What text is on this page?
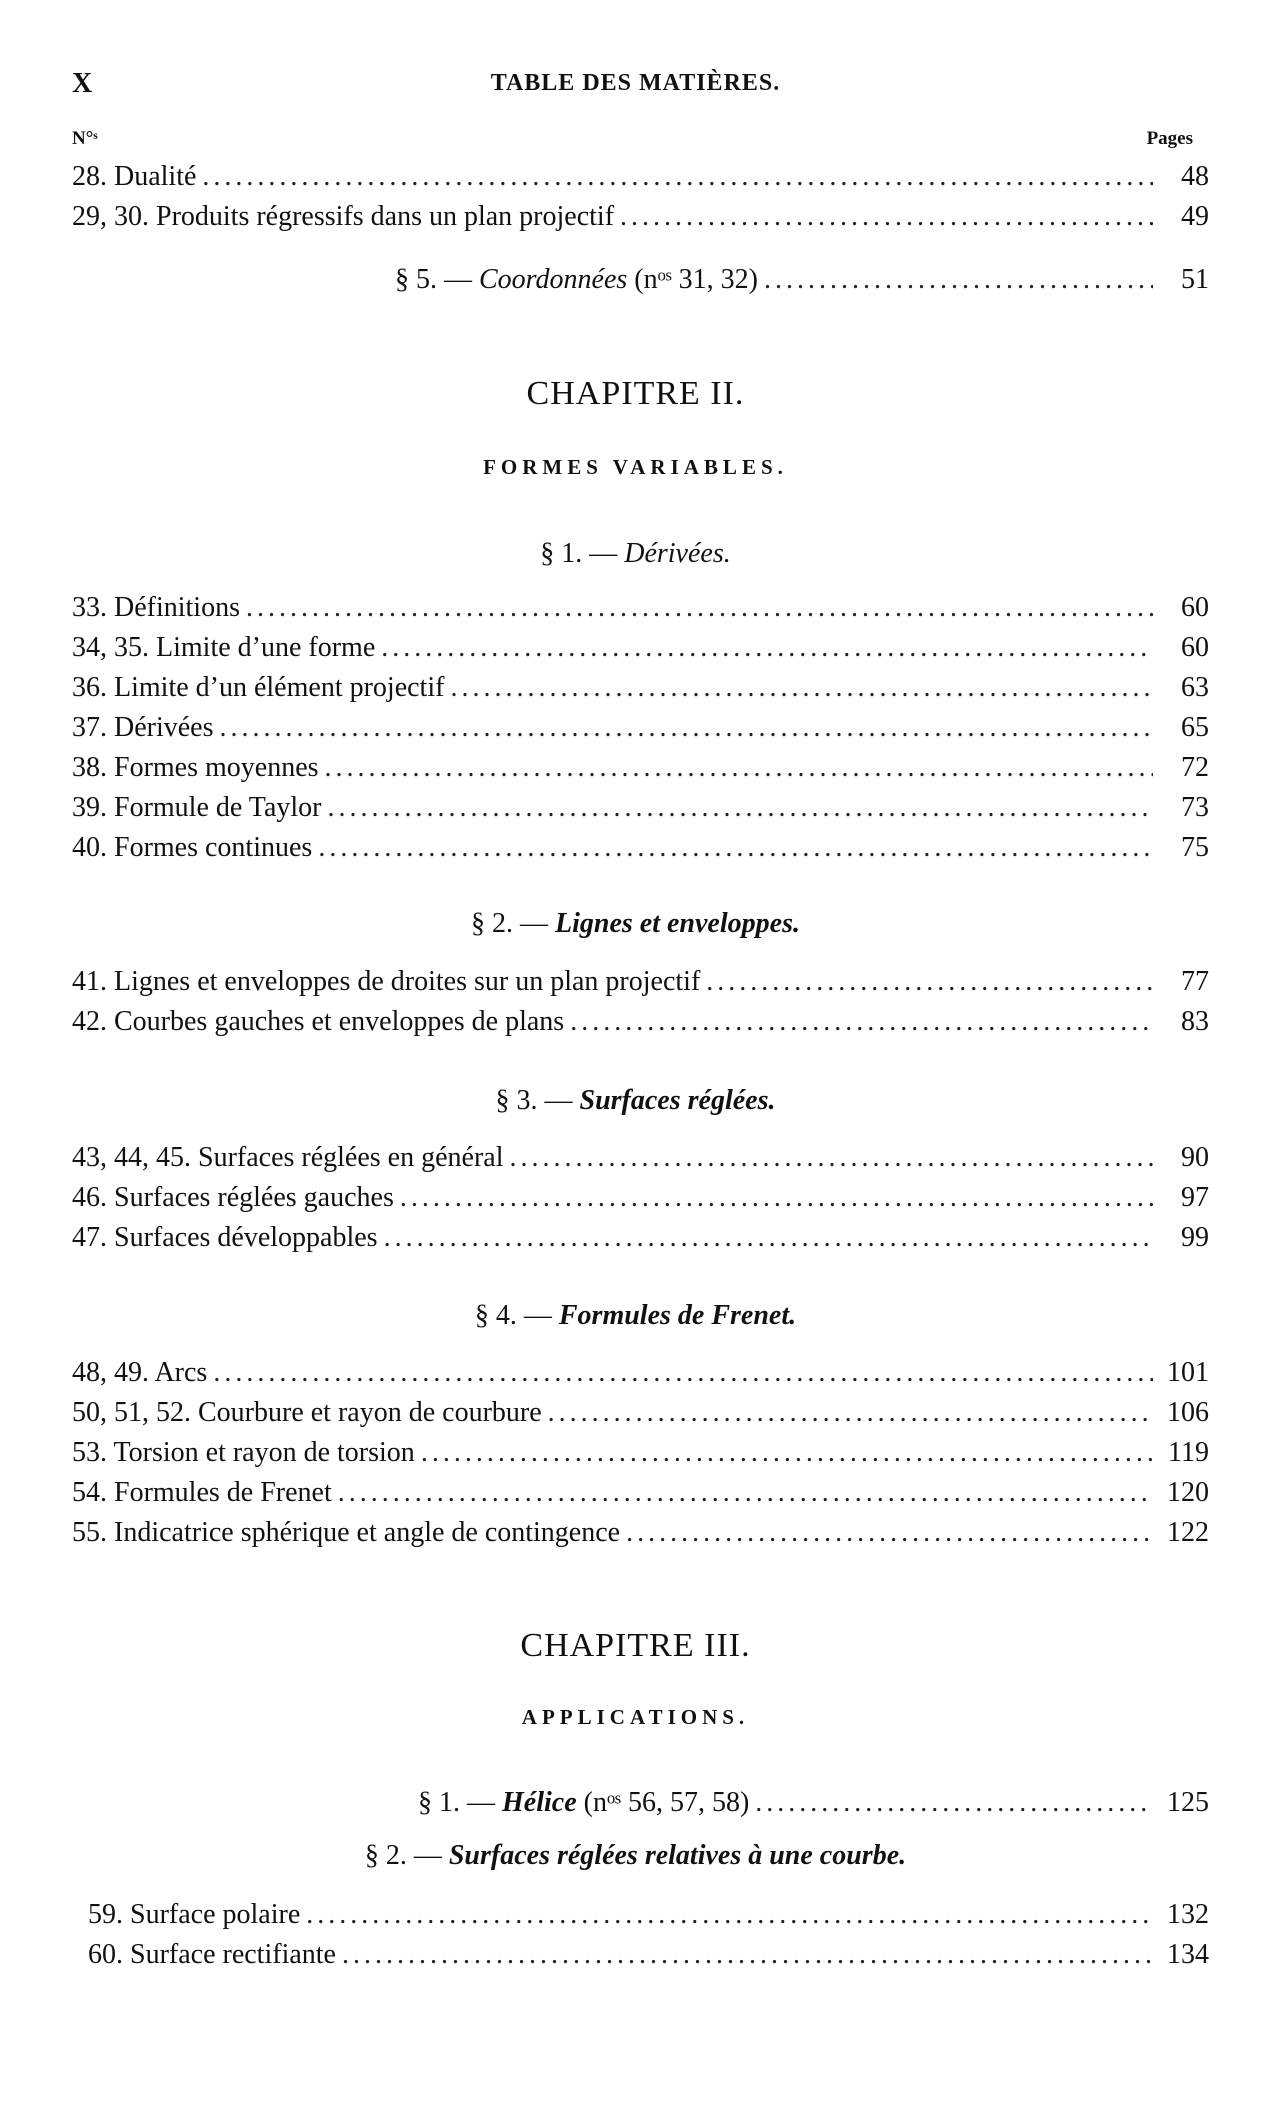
X	TABLE DES MATIÈRES.
N°ˢ	Pages
28. Dualité .....	48
29, 30. Produits régressifs dans un plan projectif .....	49
§ 5. — Coordonnées (nᵒˢ 31, 32) .....	51
CHAPITRE II.
FORMES VARIABLES.
§ 1. — Dérivées.
33. Définitions .....	60
34, 35. Limite d’une forme .....	60
36. Limite d’un élément projectif .....	63
37. Dérivées .....	65
38. Formes moyennes .....	72
39. Formule de Taylor .....	73
40. Formes continues .....	75
§ 2. — Lignes et enveloppes.
41. Lignes et enveloppes de droites sur un plan projectif .....	77
42. Courbes gauches et enveloppes de plans .....	83
§ 3. — Surfaces réglées.
43, 44, 45. Surfaces réglées en général .....	90
46. Surfaces réglées gauches .....	97
47. Surfaces développables .....	99
§ 4. — Formules de Frenet.
48, 49. Arcs .....	101
50, 51, 52. Courbure et rayon de courbure .....	106
53. Torsion et rayon de torsion .....	119
54. Formules de Frenet .....	120
55. Indicatrice sphérique et angle de contingence .....	122
CHAPITRE III.
APPLICATIONS.
§ 1. — Hélice (nᵒˢ 56, 57, 58) .....	125
§ 2. — Surfaces réglées relatives à une courbe.
59. Surface polaire .....	132
60. Surface rectifiante .....	134
